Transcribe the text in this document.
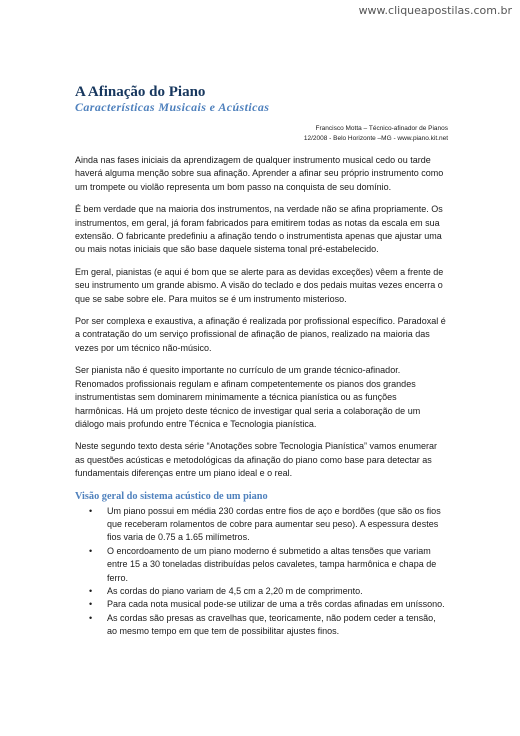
www.cliqueapostilas.com.br
A Afinação do Piano
Características Musicais e Acústicas
Francisco Motta – Técnico-afinador de Pianos
12/2008 - Belo Horizonte –MG - www.piano.kit.net

Ainda nas fases iniciais da aprendizagem de qualquer instrumento musical cedo ou tarde haverá alguma menção sobre sua afinação. Aprender a afinar seu próprio instrumento como um trompete ou violão representa um bom passo na conquista de seu domínio.

É bem verdade que na maioria dos instrumentos, na verdade não se afina propriamente. Os instrumentos, em geral, já foram fabricados para emitirem todas as notas da escala em sua extensão. O fabricante predefiniu a afinação tendo o instrumentista apenas que ajustar uma ou mais notas iniciais que são base daquele sistema tonal pré-estabelecido.

Em geral, pianistas (e aqui é bom que se alerte para as devidas exceções) vêem a frente de seu instrumento um grande abismo. A visão do teclado e dos pedais muitas vezes encerra o que se sabe sobre ele. Para muitos se é um instrumento misterioso.

Por ser complexa e exaustiva, a afinação é realizada por profissional específico. Paradoxal é a contratação do um serviço profissional de afinação de pianos, realizado na maioria das vezes por um técnico não-músico.

Ser pianista não é quesito importante no currículo de um grande técnico-afinador. Renomados profissionais regulam e afinam competentemente os pianos dos grandes instrumentistas sem dominarem minimamente a técnica pianística ou as funções harmônicas. Há um projeto deste técnico de investigar qual seria a colaboração de um diálogo mais profundo entre Técnica e Tecnologia pianística.

Neste segundo texto desta série “Anotações sobre Tecnologia Pianística” vamos enumerar as questões acústicas e metodológicas da afinação do piano como base para detectar as fundamentais diferenças entre um piano ideal e o real.

Visão geral do sistema acústico de um piano
• Um piano possui em média 230 cordas entre fios de aço e bordões (que são os fios que receberam rolamentos de cobre para aumentar seu peso). A espessura destes fios varia de 0.75 a 1.65 milímetros.
• O encordoamento de um piano moderno é submetido a altas tensões que variam entre 15 a 30 toneladas distribuídas pelos cavaletes, tampa harmônica e chapa de ferro.
• As cordas do piano variam de 4,5 cm a 2,20 m de comprimento.
• Para cada nota musical pode-se utilizar de uma a três cordas afinadas em uníssono.
• As cordas são presas as cravelhas que, teoricamente, não podem ceder a tensão, ao mesmo tempo em que tem de possibilitar ajustes finos.
